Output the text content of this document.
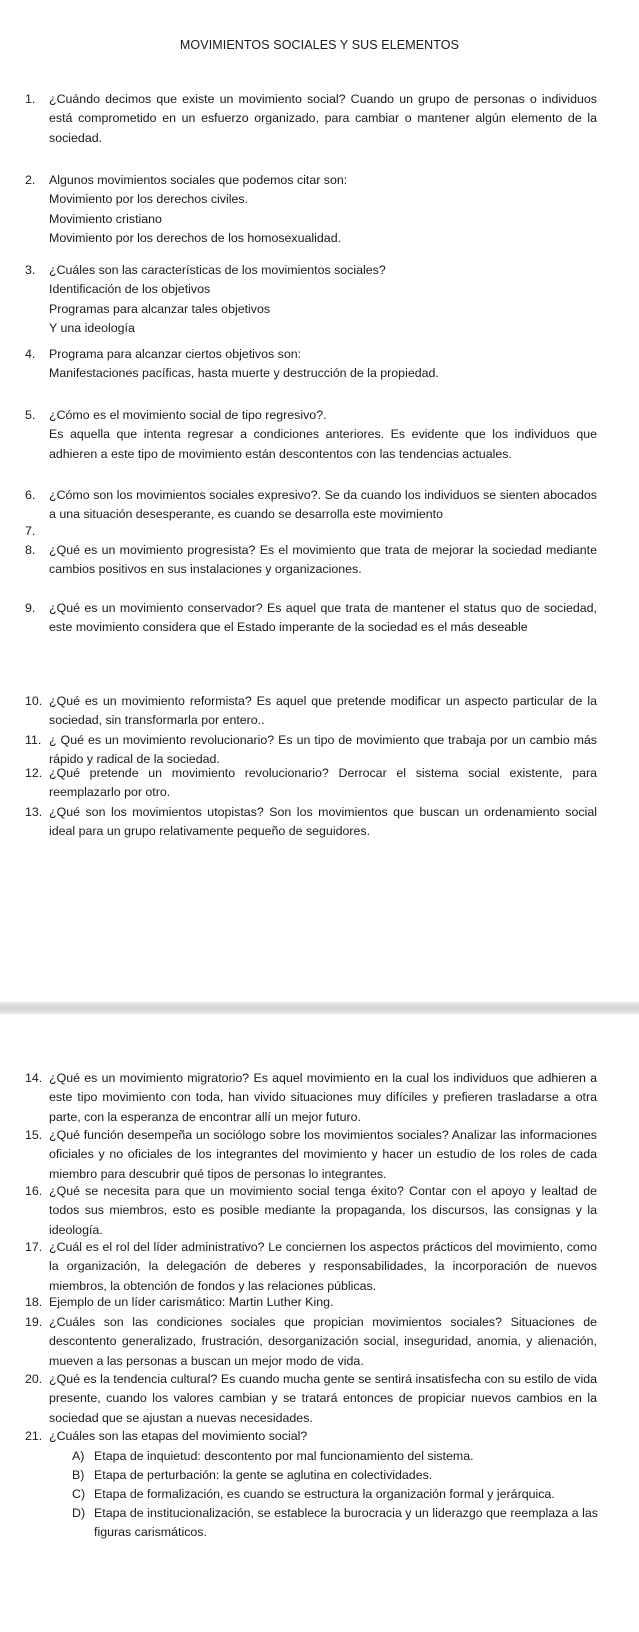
MOVIMIENTOS SOCIALES Y SUS ELEMENTOS
1. ¿Cuándo decimos que existe un movimiento social? Cuando un grupo de personas o individuos está comprometido en un esfuerzo organizado, para cambiar o mantener algún elemento de la sociedad.
2. Algunos movimientos sociales que podemos citar son:
Movimiento por los derechos civiles.
Movimiento cristiano
Movimiento por los derechos de los homosexualidad.
3. ¿Cuáles son las características de los movimientos sociales?
Identificación de los objetivos
Programas para alcanzar tales objetivos
Y una ideología
4. Programa para alcanzar ciertos objetivos son:
Manifestaciones pacíficas, hasta muerte y destrucción de la propiedad.
5. ¿Cómo es el movimiento social de tipo regresivo?.
Es aquella que intenta regresar a condiciones anteriores. Es evidente que los individuos que adhieren a este tipo de movimiento están descontentos con las tendencias actuales.
6. ¿Cómo son los movimientos sociales expresivo?. Se da cuando los individuos se sienten abocados a una situación desesperante, es cuando se desarrolla este movimiento
7.

8. ¿Qué es un movimiento progresista? Es el movimiento que trata de mejorar la sociedad mediante cambios positivos en sus instalaciones y organizaciones.
9. ¿Qué es un movimiento conservador? Es aquel que trata de mantener el status quo de sociedad, este movimiento considera que el Estado imperante de la sociedad es el más deseable
10. ¿Qué es un movimiento reformista? Es aquel que pretende modificar un aspecto particular de la sociedad, sin transformarla por entero..
11. ¿ Qué es un movimiento revolucionario? Es un tipo de movimiento que trabaja por un cambio más rápido y radical de la sociedad.
12. ¿Qué pretende un movimiento revolucionario? Derrocar el sistema social existente, para reemplazarlo por otro.
13. ¿Qué son los movimientos utopistas? Son los movimientos que buscan un ordenamiento social ideal para un grupo relativamente pequeño de seguidores.
14. ¿Qué es un movimiento migratorio? Es aquel movimiento en la cual los individuos que adhieren a este tipo movimiento con toda, han vivido situaciones muy difíciles y prefieren trasladarse a otra parte, con la esperanza de encontrar allí un mejor futuro.
15. ¿Qué función desempeña un sociólogo sobre los movimientos sociales? Analizar las informaciones oficiales y no oficiales de los integrantes del movimiento y hacer un estudio de los roles de cada miembro para descubrir qué tipos de personas lo integrantes.
16. ¿Qué se necesita para que un movimiento social tenga éxito? Contar con el apoyo y lealtad de todos sus miembros, esto es posible mediante la propaganda, los discursos, las consignas y la ideología.
17. ¿Cuál es el rol del líder administrativo? Le conciernen los aspectos prácticos del movimiento, como la organización, la delegación de deberes y responsabilidades, la incorporación de nuevos miembros, la obtención de fondos y las relaciones públicas.
18. Ejemplo de un líder carismático: Martin Luther King.
19. ¿Cuáles son las condiciones sociales que propician movimientos sociales? Situaciones de descontento generalizado, frustración, desorganización social, inseguridad, anomia, y alienación, mueven a las personas a buscan un mejor modo de vida.
20. ¿Qué es la tendencia cultural? Es cuando mucha gente se sentirá insatisfecha con su estilo de vida presente, cuando los valores cambian y se tratará entonces de propiciar nuevos cambios en la sociedad que se ajustan a nuevas necesidades.
21. ¿Cuáles son las etapas del movimiento social?
A) Etapa de inquietud: descontento por mal funcionamiento del sistema.
B) Etapa de perturbación: la gente se aglutina en colectividades.
C) Etapa de formalización, es cuando se estructura la organización formal y jerárquica.
D) Etapa de institucionalización, se establece la burocracia y un liderazgo que reemplaza a las figuras carismáticos.
